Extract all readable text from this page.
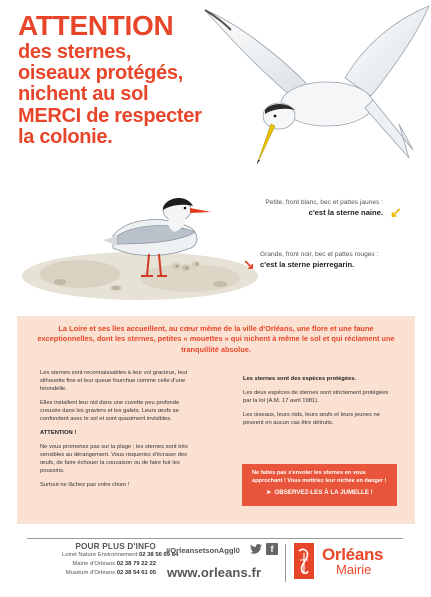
ATTENTION
des sternes,
oiseaux protégés,
nichent au sol
MERCI de respecter
la colonie.
Petite, front blanc, bec et pattes jaunes :
c'est la sterne naine. ↙
Grande, front noir, bec et pattes rouges :
c'est la sterne pierregarin.
↘
La Loire et ses îles accueillent, au cœur même de la ville d'Orléans, une flore et une faune exceptionnelles, dont les sternes, petites « mouettes » qui nichent à même le sol et qui réclament une tranquillité absolue.

Les sternes sont reconnaissables à leur vol gracieux, leur silhouette fine et leur queue fourchue comme celle d'une hirondelle.

Elles installent leur nid dans une cuvette peu profonde creusée dans les graviers et les galets. Leurs œufs se confondent avec le sol et sont quasiment invisibles.

ATTENTION !

Ne vous promenez pas sur la plage ; les sternes sont très sensibles au dérangement. Vous risqueriez d'écraser des œufs, de faire échouer la couvaison ou de faire fuir les poussins.

Surtout ne lâchez pas votre chien !

Les sternes sont des espèces protégées.

Les deux espèces de sternes sont strictement protégées par la loi (A.M. 17 avril 1981).

Les oiseaux, leurs nids, leurs œufs et leurs jeunes ne peuvent en aucun cas être détruits.

Ne faites pas s'envoler les sternes en vous approchant ! Vous mettriez leur nichée en danger !
➤ OBSERVEZ-LES À LA JUMELLE !
POUR PLUS D'INFO
Loiret Nature Environnement 02 38 56 69 84
Mairie d'Orléans 02 38 79 22 22
Muséum d'Orléans 02 38 54 61 05
#OrleansetsonAggl0	f
www.orleans.fr
Orléans
Mairie
